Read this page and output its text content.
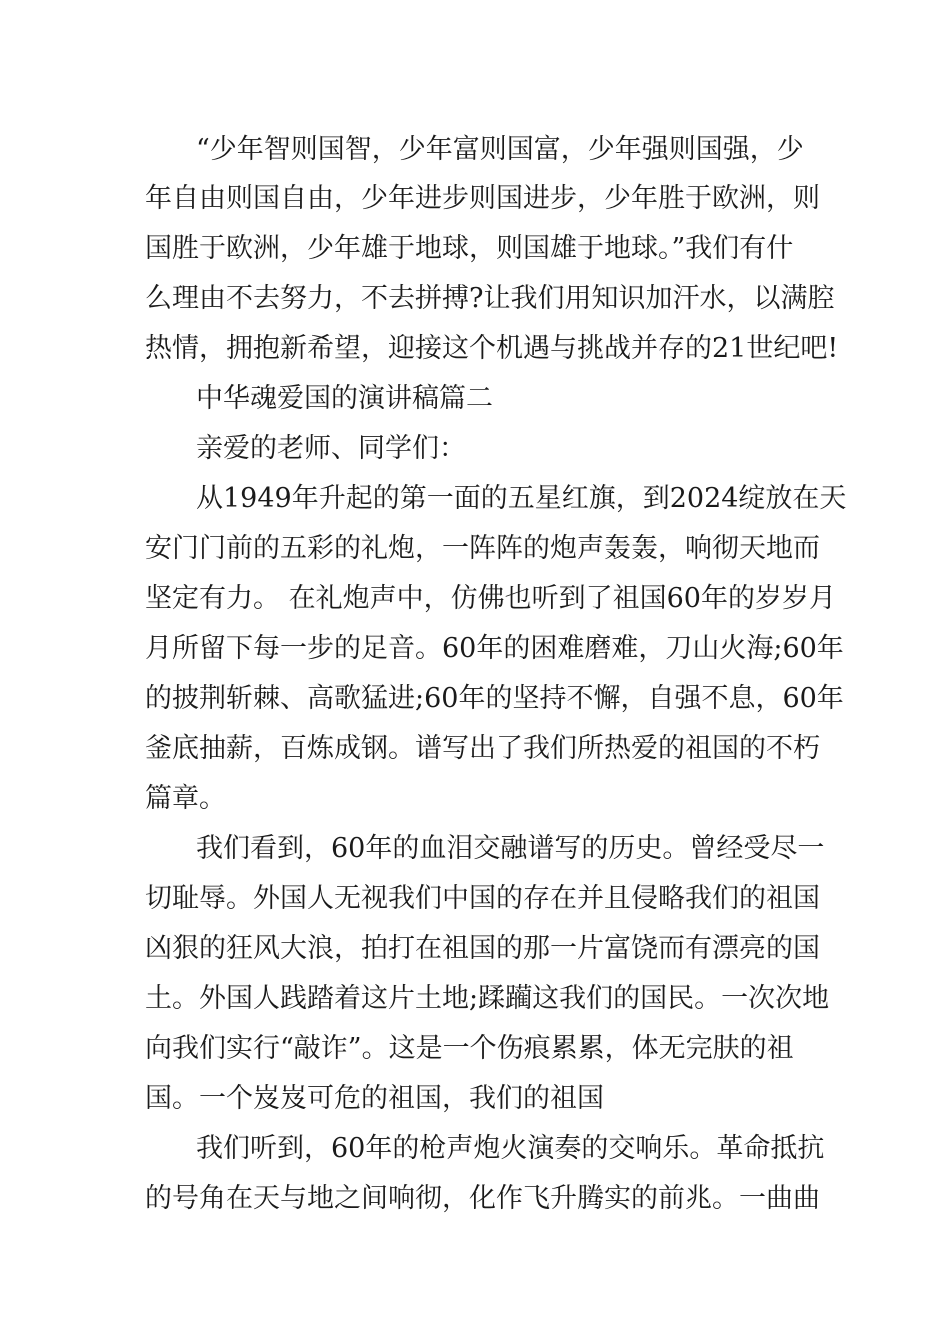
“少年智则国智，少年富则国富，少年强则国强，少
年自由则国自由，少年进步则国进步，少年胜于欧洲，则
国胜于欧洲，少年雄于地球，则国雄于地球。”我们有什
么理由不去努力，不去拼搏?让我们用知识加汗水，以满腔
热情，拥抱新希望，迎接这个机遇与挑战并存的21世纪吧!
中华魂爱国的演讲稿篇二
亲爱的老师、同学们：
从1949年升起的第一面的五星红旗，到2024绽放在天
安门门前的五彩的礼炮，一阵阵的炮声轰轰，响彻天地而
坚定有力。 在礼炮声中，仿佛也听到了祖国60年的岁岁月
月所留下每一步的足音。60年的困难磨难，刀山火海;60年
的披荆斩棘、高歌猛进;60年的坚持不懈，自强不息，60年
釜底抽薪，百炼成钢。谱写出了我们所热爱的祖国的不朽
篇章。
我们看到，60年的血泪交融谱写的历史。曾经受尽一
切耻辱。外国人无视我们中国的存在并且侵略我们的祖国
凶狠的狂风大浪，拍打在祖国的那一片富饶而有漂亮的国
土。外国人践踏着这片土地;蹂躏这我们的国民。一次次地
向我们实行“敲诈”。这是一个伤痕累累，体无完肤的祖
国。一个岌岌可危的祖国，我们的祖国
我们听到，60年的枪声炮火演奏的交响乐。革命抵抗
的号角在天与地之间响彻，化作飞升腾实的前兆。一曲曲
